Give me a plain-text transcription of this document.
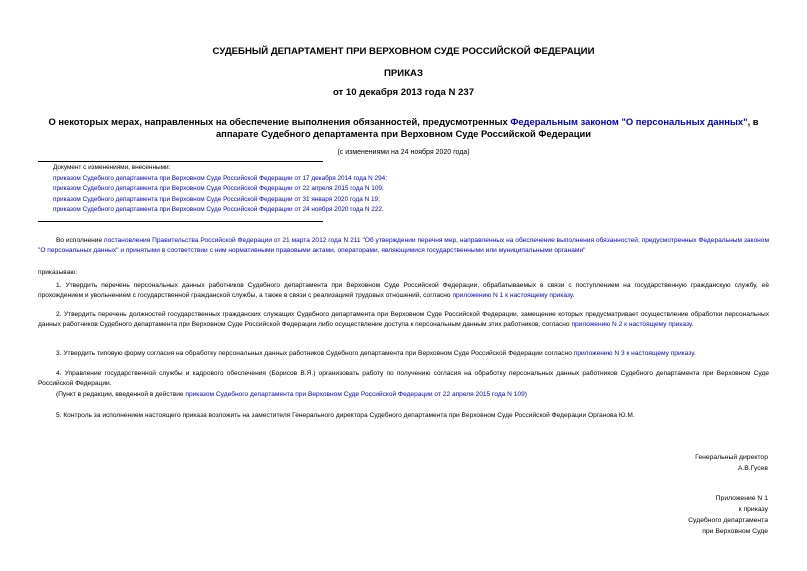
СУДЕБНЫЙ ДЕПАРТАМЕНТ ПРИ ВЕРХОВНОМ СУДЕ РОССИЙСКОЙ ФЕДЕРАЦИИ
ПРИКАЗ
от 10 декабря 2013 года N 237
О некоторых мерах, направленных на обеспечение выполнения обязанностей, предусмотренных Федеральным законом "О персональных данных", в аппарате Судебного департамента при Верховном Суде Российской Федерации
(с изменениями на 24 ноября 2020 года)
Документ с изменениями, внесенными:
приказом Судебного департамента при Верховном Суде Российской Федерации от 17 декабря 2014 года N 294;
приказом Судебного департамента при Верховном Суде Российской Федерации от 22 апреля 2015 года N 109;
приказом Судебного департамента при Верховном Суде Российской Федерации от 31 января 2020 года N 19;
приказом Судебного департамента при Верховном Суде Российской Федерации от 24 ноября 2020 года N 222.
Во исполнение постановления Правительства Российской Федерации от 21 марта 2012 года N 211 "Об утверждении перечня мер, направленных на обеспечение выполнения обязанностей, предусмотренных Федеральным законом "О персональных данных" и принятыми в соответствии с ним нормативными правовыми актами, операторами, являющимися государственными или муниципальными органами"
приказываю:
1. Утвердить перечень персональных данных работников Судебного департамента при Верховном Суде Российской Федерации, обрабатываемых в связи с поступлением на государственную гражданскую службу, её прохождением и увольнением с государственной гражданской службы, а также в связи с реализацией трудовых отношений, согласно приложению N 1 к настоящему приказу.
2. Утвердить перечень должностей государственных гражданских служащих Судебного департамента при Верховном Суде Российской Федерации, замещение которых предусматривает осуществление обработки персональных данных работников Судебного департамента при Верховном Суде Российской Федерации либо осуществление доступа к персональным данным этих работников, согласно приложению N 2 к настоящему приказу.
3. Утвердить типовую форму согласия на обработку персональных данных работников Судебного департамента при Верховном Суде Российской Федерации согласно приложению N 3 к настоящему приказу.
4. Управление государственной службы и кадрового обеспечения (Борисов В.Я.) организовать работу по получению согласия на обработку персональных данных работников Судебного департамента при Верховном Суде Российской Федерации.
(Пункт в редакции, введенной в действие приказом Судебного департамента при Верховном Суде Российской Федерации от 22 апреля 2015 года N 109)
5. Контроль за исполнением настоящего приказа возложить на заместителя Генерального директора Судебного департамента при Верховном Суде Российской Федерации Органова Ю.М.
Генеральный директор
А.В.Гусев
Приложение N 1
к приказу
Судебного департамента
при Верховном Суде
